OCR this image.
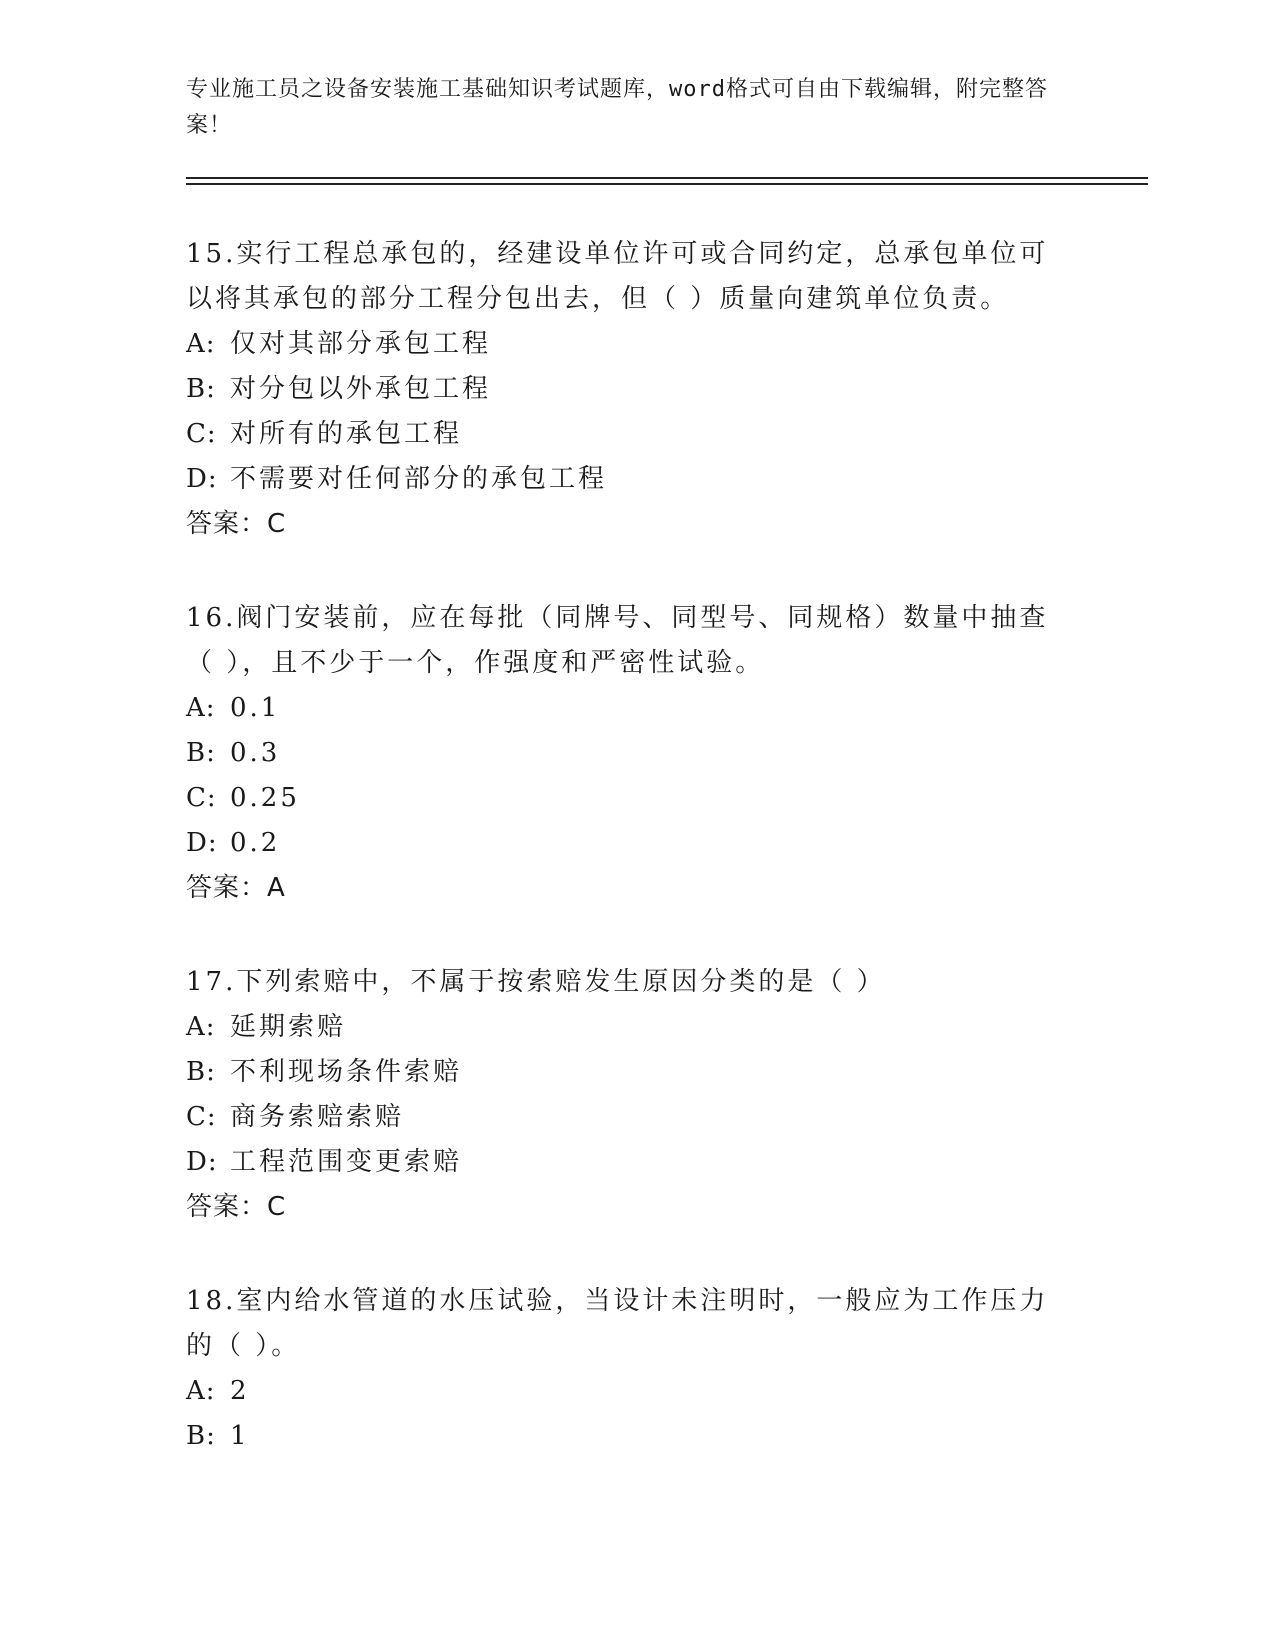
专业施工员之设备安装施工基础知识考试题库，word格式可自由下载编辑，附完整答案！

15.实行工程总承包的，经建设单位许可或合同约定，总承包单位可以将其承包的部分工程分包出去，但（ ）质量向建筑单位负责。

A: 仅对其部分承包工程

B: 对分包以外承包工程

C: 对所有的承包工程

D: 不需要对任何部分的承包工程

答案：C

16.阀门安装前，应在每批（同牌号、同型号、同规格）数量中抽查（ ），且不少于一个，作强度和严密性试验。

A: 0.1

B: 0.3

C: 0.25

D: 0.2

答案：A

17.下列索赔中，不属于按索赔发生原因分类的是（ ）

A: 延期索赔

B: 不利现场条件索赔

C: 商务索赔索赔

D: 工程范围变更索赔

答案：C

18.室内给水管道的水压试验，当设计未注明时，一般应为工作压力的（ ）。

A: 2

B: 1
